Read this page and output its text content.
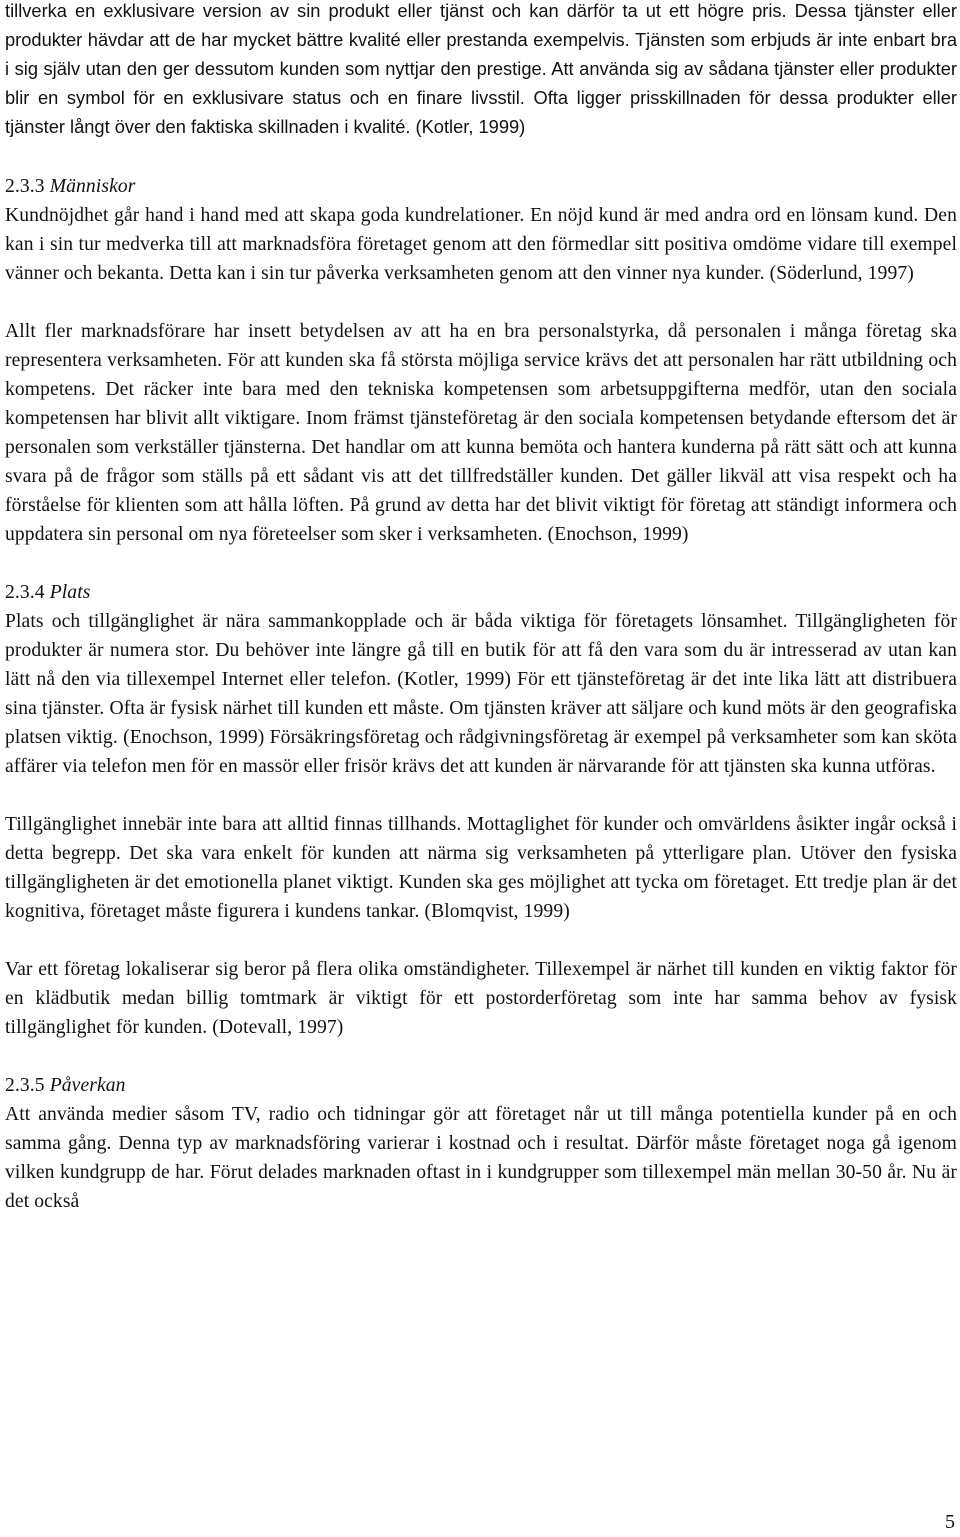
tillverka en exklusivare version av sin produkt eller tjänst och kan därför ta ut ett högre pris. Dessa tjänster eller produkter hävdar att de har mycket bättre kvalité eller prestanda exempelvis. Tjänsten som erbjuds är inte enbart bra i sig själv utan den ger dessutom kunden som nyttjar den prestige. Att använda sig av sådana tjänster eller produkter blir en symbol för en exklusivare status och en finare livsstil. Ofta ligger prisskillnaden för dessa produkter eller tjänster långt över den faktiska skillnaden i kvalité. (Kotler, 1999)

2.3.3 Människor

Kundnöjdhet går hand i hand med att skapa goda kundrelationer. En nöjd kund är med andra ord en lönsam kund. Den kan i sin tur medverka till att marknadsföra företaget genom att den förmedlar sitt positiva omdöme vidare till exempel vänner och bekanta. Detta kan i sin tur påverka verksamheten genom att den vinner nya kunder. (Söderlund, 1997)

Allt fler marknadsförare har insett betydelsen av att ha en bra personalstyrka, då personalen i många företag ska representera verksamheten. För att kunden ska få största möjliga service krävs det att personalen har rätt utbildning och kompetens. Det räcker inte bara med den tekniska kompetensen som arbetsuppgifterna medför, utan den sociala kompetensen har blivit allt viktigare. Inom främst tjänsteföretag är den sociala kompetensen betydande eftersom det är personalen som verkställer tjänsterna. Det handlar om att kunna bemöta och hantera kunderna på rätt sätt och att kunna svara på de frågor som ställs på ett sådant vis att det tillfredställer kunden. Det gäller likväl att visa respekt och ha förståelse för klienten som att hålla löften. På grund av detta har det blivit viktigt för företag att ständigt informera och uppdatera sin personal om nya företeelser som sker i verksamheten. (Enochson, 1999)

2.3.4 Plats

Plats och tillgänglighet är nära sammankopplade och är båda viktiga för företagets lönsamhet. Tillgängligheten för produkter är numera stor. Du behöver inte längre gå till en butik för att få den vara som du är intresserad av utan kan lätt nå den via tillexempel Internet eller telefon. (Kotler, 1999) För ett tjänsteföretag är det inte lika lätt att distribuera sina tjänster. Ofta är fysisk närhet till kunden ett måste. Om tjänsten kräver att säljare och kund möts är den geografiska platsen viktig. (Enochson, 1999) Försäkringsföretag och rådgivningsföretag är exempel på verksamheter som kan sköta affärer via telefon men för en massör eller frisör krävs det att kunden är närvarande för att tjänsten ska kunna utföras.

Tillgänglighet innebär inte bara att alltid finnas tillhands. Mottaglighet för kunder och omvärldens åsikter ingår också i detta begrepp. Det ska vara enkelt för kunden att närma sig verksamheten på ytterligare plan. Utöver den fysiska tillgängligheten är det emotionella planet viktigt. Kunden ska ges möjlighet att tycka om företaget. Ett tredje plan är det kognitiva, företaget måste figurera i kundens tankar. (Blomqvist, 1999)

Var ett företag lokaliserar sig beror på flera olika omständigheter. Tillexempel är närhet till kunden en viktig faktor för en klädbutik medan billig tomtmark är viktigt för ett postorderföretag som inte har samma behov av fysisk tillgänglighet för kunden. (Dotevall, 1997)

2.3.5 Påverkan

Att använda medier såsom TV, radio och tidningar gör att företaget når ut till många potentiella kunder på en och samma gång. Denna typ av marknadsföring varierar i kostnad och i resultat. Därför måste företaget noga gå igenom vilken kundgrupp de har. Förut delades marknaden oftast in i kundgrupper som tillexempel män mellan 30-50 år. Nu är det också

5
